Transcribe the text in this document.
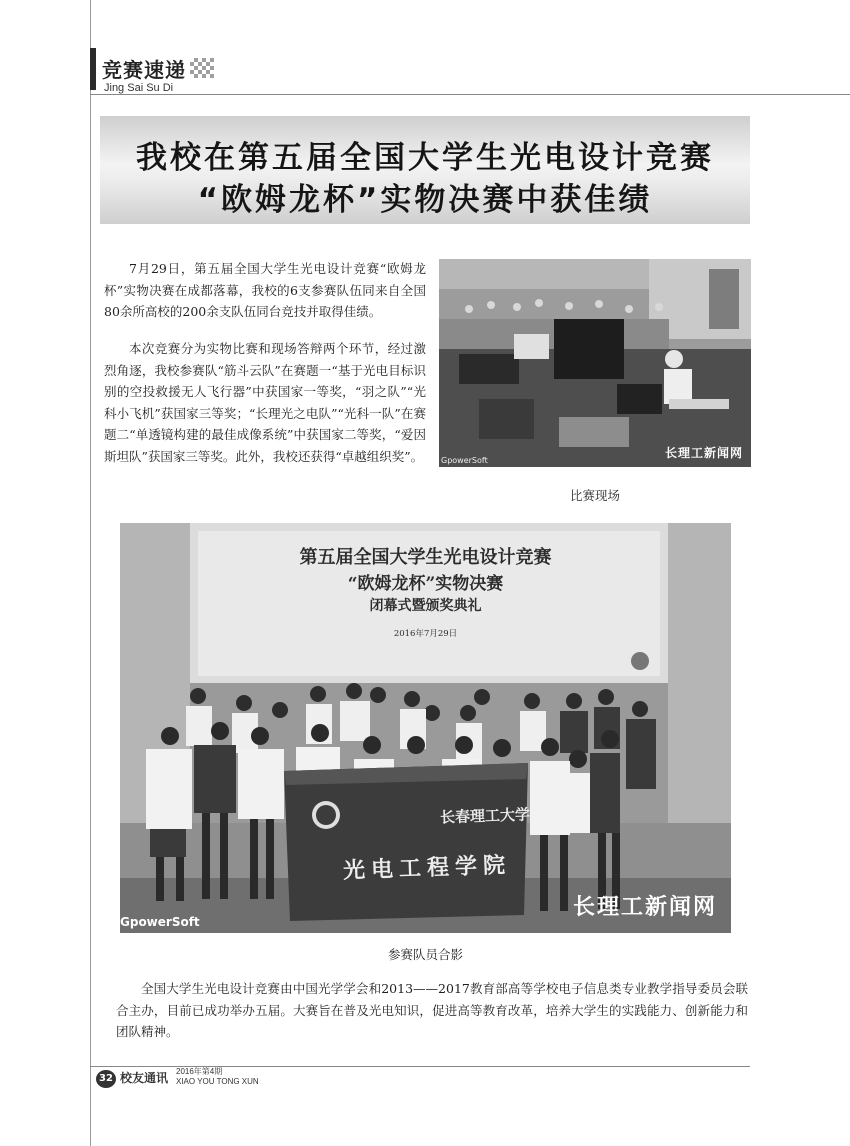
竞赛速递
Jing Sai Su Di
我校在第五届全国大学生光电设计竞赛
“欧姆龙杯”实物决赛中获佳绩

7月29日，第五届全国大学生光电设计竞赛“欧姆龙杯”实物决赛在成都落幕，我校的6支参赛队伍同来自全国80余所高校的200余支队伍同台竞技并取得佳绩。

本次竞赛分为实物比赛和现场答辩两个环节，经过激烈角逐，我校参赛队“筋斗云队”在赛题一“基于光电目标识别的空投救援无人飞行器”中获国家一等奖，“羽之队”“光科小飞机”获国家三等奖；“长理光之电队”“光科一队”在赛题二“单透镜构建的最佳成像系统”中获国家二等奖，“爱因斯坦队”获国家三等奖。此外，我校还获得“卓越组织奖”。	GpowerSoft
长理工新闻网
比赛现场
第五届全国大学生光电设计竞赛
“欧姆龙杯”实物决赛
闭幕式暨颁奖典礼
2016年7月29日
长春理工大学
光电工程学院
GpowerSoft
长理工新闻网
参赛队员合影

全国大学生光电设计竞赛由中国光学学会和2013——2017教育部高等学校电子信息类专业教学指导委员会联合主办，目前已成功举办五届。大赛旨在普及光电知识，促进高等教育改革，培养大学生的实践能力、创新能力和团队精神。

32 校友通讯 2016年第4期
XIAO YOU TONG XUN
